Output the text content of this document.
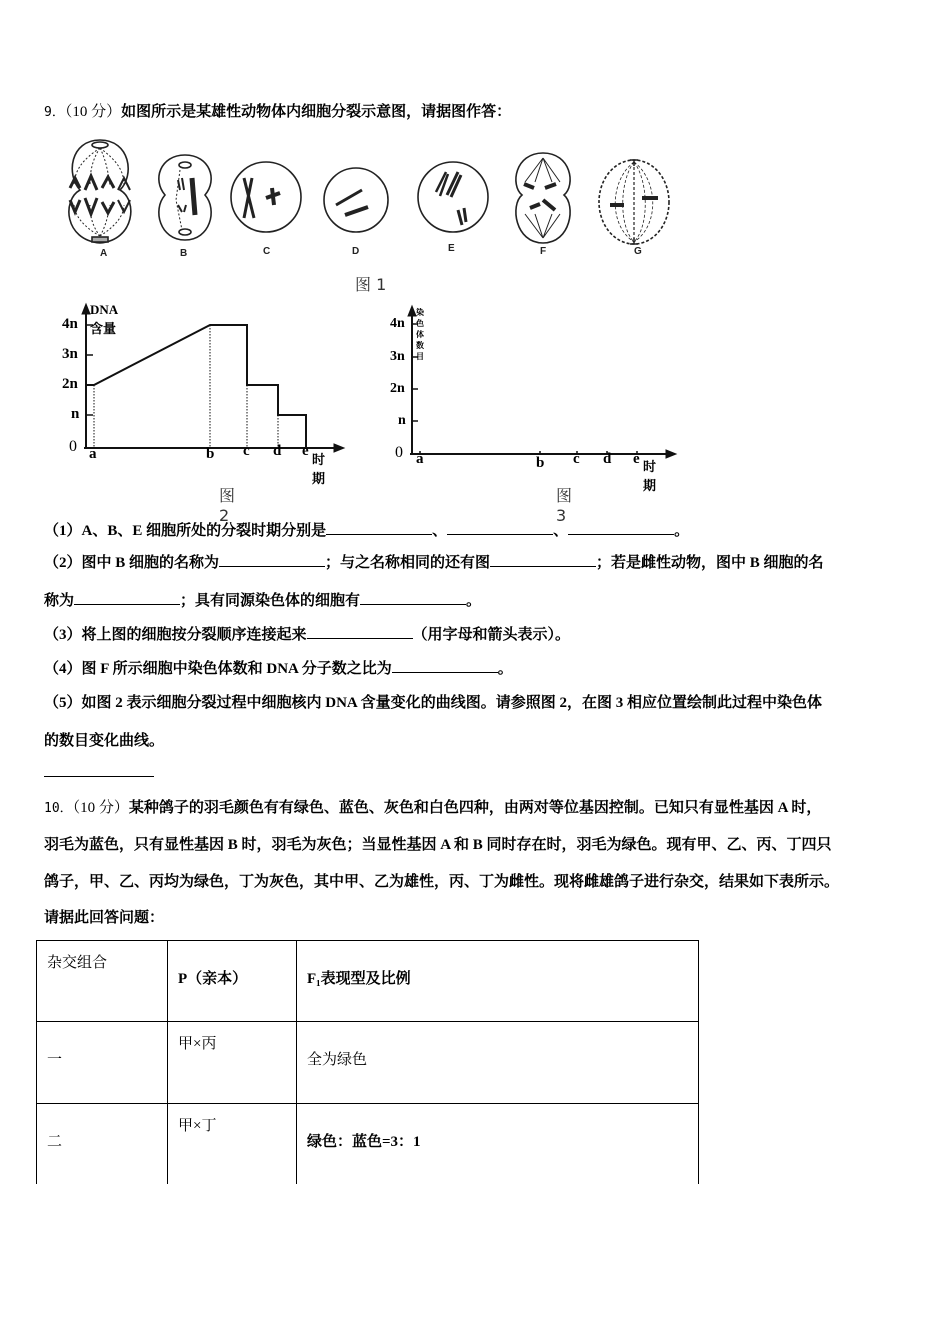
9．（10 分）如图所示是某雄性动物体内细胞分裂示意图，请据图作答：
A	B	C	D	E	F	G
图 1
DNA 含量
4n
3n
2n
n
0 a	b c d e
时期
图 2
染色体数目
4n
3n
2n
n
0 a	b c d e 时期
图 3
（1）A、B、E 细胞所处的分裂时期分别是	、	、	。
（2）图中 B 细胞的名称为	；与之名称相同的还有图	；若是雌性动物，图中 B 细胞的名
称为	；具有同源染色体的细胞有	。
（3）将上图的细胞按分裂顺序连接起来	（用字母和箭头表示）。
（4）图 F 所示细胞中染色体数和 DNA 分子数之比为	。
（5）如图 2 表示细胞分裂过程中细胞核内 DNA 含量变化的曲线图。请参照图 2，在图 3 相应位置绘制此过程中染色体
的数目变化曲线。
10．（10 分）某种鸽子的羽毛颜色有有绿色、蓝色、灰色和白色四种，由两对等位基因控制。已知只有显性基因 A 时，
羽毛为蓝色，只有显性基因 B 时，羽毛为灰色；当显性基因 A 和 B 同时存在时，羽毛为绿色。现有甲、乙、丙、丁四只
鸽子，甲、乙、丙均为绿色，丁为灰色，其中甲、乙为雄性，丙、丁为雌性。现将雌雄鸽子进行杂交，结果如下表所示。
请据此回答问题：
杂交组合	P（亲本）	F₁表现型及比例

一	甲×丙	全为绿色

二	甲×丁	绿色：蓝色=3：1
